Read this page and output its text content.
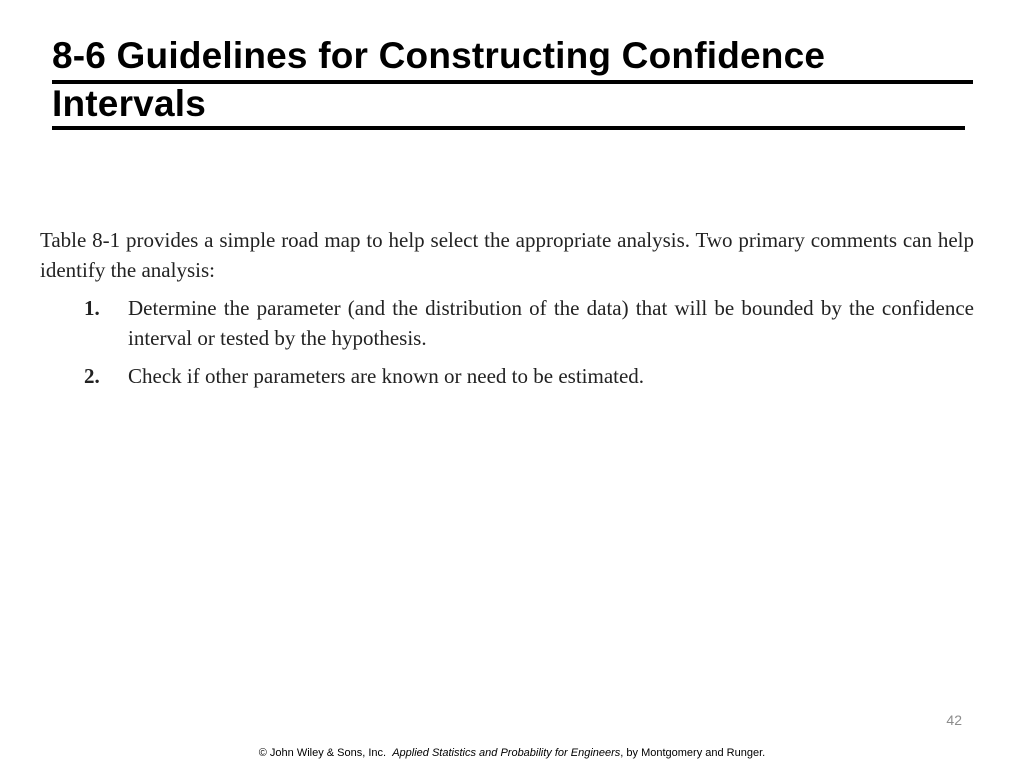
8-6 Guidelines for Constructing Confidence
Intervals

Table 8-1 provides a simple road map to help select the appropriate analysis. Two primary comments can help identify the analysis:

1.	Determine the parameter (and the distribution of the data) that will be bounded by the confidence interval or tested by the hypothesis.
2.	Check if other parameters are known or need to be estimated.
42
© John Wiley & Sons, Inc. Applied Statistics and Probability for Engineers, by Montgomery and Runger.
